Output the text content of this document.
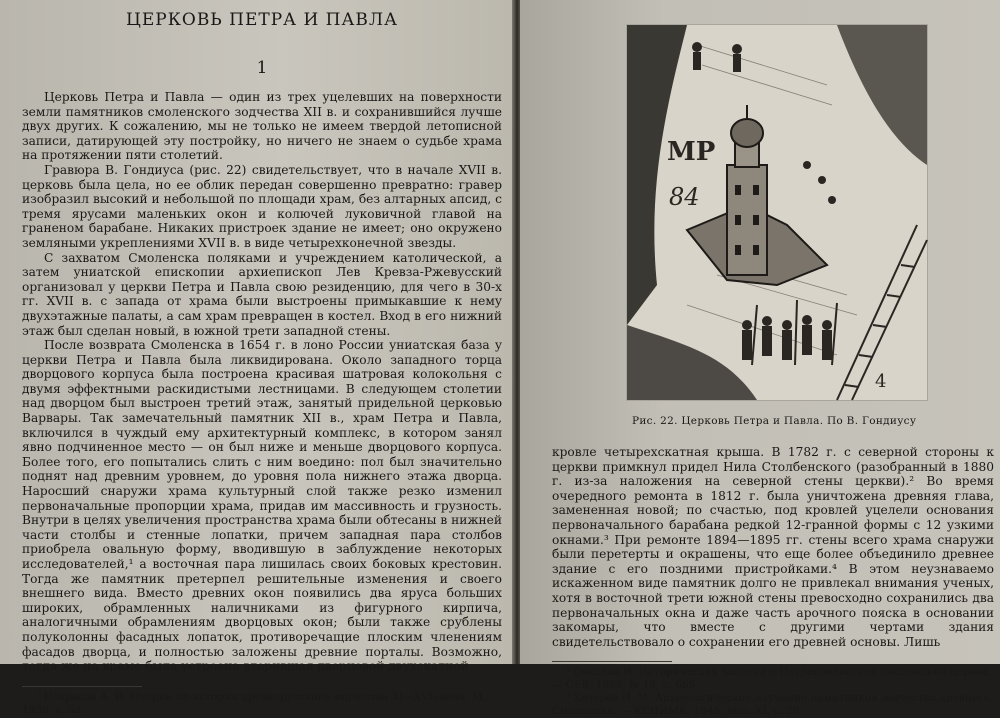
ЦЕРКОВЬ ПЕТРА И ПАВЛА
1

Церковь Петра и Павла — один из трех уцелевших на поверхности земли памятников смоленского зодчества XII в. и сохранившийся лучше двух других. К сожалению, мы не только не имеем твердой летописной записи, датирующей эту постройку, но ничего не знаем о судьбе храма на протяжении пяти столетий.

Гравюра В. Гондиуса (рис. 22) свидетельствует, что в начале XVII в. церковь была цела, но ее облик передан совершенно превратно: гравер изобразил высокий и небольшой по площади храм, без алтарных апсид, с тремя ярусами маленьких окон и колючей луковичной главой на граненом барабане. Никаких пристроек здание не имеет; оно окружено земляными укреплениями XVII в. в виде четырехконечной звезды.

С захватом Смоленска поляками и учреждением католической, а затем униатской епископии архиепископ Лев Кревза-Ржевусский организовал у церкви Петра и Павла свою резиденцию, для чего в 30-х гг. XVII в. с запада от храма были выстроены примыкавшие к нему двухэтажные палаты, а сам храм превращен в костел. Вход в его нижний этаж был сделан новый, в южной трети западной стены.

После возврата Смоленска в 1654 г. в лоно России униатская база у церкви Петра и Павла была ликвидирована. Около западного торца дворцового корпуса была построена красивая шатровая колокольня с двумя эффектными раскидистыми лестницами. В следующем столетии над дворцом был выстроен третий этаж, занятый придельной церковью Варвары. Так замечательный памятник XII в., храм Петра и Павла, включился в чуждый ему архитектурный комплекс, в котором занял явно подчиненное место — он был ниже и меньше дворцового корпуса. Более того, его попытались слить с ним воедино: пол был значительно поднят над древним уровнем, до уровня пола нижнего этажа дворца. Наросший снаружи храма культурный слой также резко изменил первоначальные пропорции храма, придав им массивность и грузность. Внутри в целях увеличения пространства храма были обтесаны в нижней части столбы и стенные лопатки, причем западная пара столбов приобрела овальную форму, вводившую в заблуждение некоторых исследователей,¹ а восточная пара лишилась своих боковых крестовин. Тогда же памятник претерпел решительные изменения и своего внешнего вида. Вместо древних окон появились два яруса больших широких, обрамленных наличниками из фигурного кирпича, аналогичными обрамлениям дворцовых окон; были также срублены полуколонны фасадных лопаток, противоречащие плоским членениям фасадов дворца, и полностью заложены древние порталы. Возможно, тогда же на храме была устроена вторившая дворцовой двухскатной

¹ Некрасов А. И. Очерки по истории древнерусского зодчества XI—XVII века. М., 1936, с. 52.

МР
84
4
Рис. 22. Церковь Петра и Павла. По В. Гондиусу

кровле четырехскатная крыша. В 1782 г. с северной стороны к церкви примкнул придел Нила Столбенского (разобранный в 1880 г. из-за наложения на северной стены церкви).² Во время очередного ремонта в 1812 г. была уничтожена древняя глава, замененная новой; по счастью, под кровлей уцелели основания первоначального барабана редкой 12-гранной формы с 12 узкими окнами.³ При ремонте 1894—1895 гг. стены всего храма снаружи были перетерты и окрашены, что еще более объединило древнее здание с его поздними пристройками.⁴ В этом неузнаваемо искаженном виде памятник долго не привлекал внимания ученых, хотя в восточной трети южной стены превосходно сохранились два первоначальных окна и даже часть арочного пояска в основании закомары, что вместе с другими чертами здания свидетельствовало о сохранении его древней основы. Лишь

² Соколов И. Историческая записка о Петропавловской смоленской церкви. — СЕВ, 1896, № 13, с. 665.

³ Хозеров И. М. Археологическое изучение памятников зодчества древнего Смоленска. — КСИИМК, 1945, вып. XI, с. 29.
